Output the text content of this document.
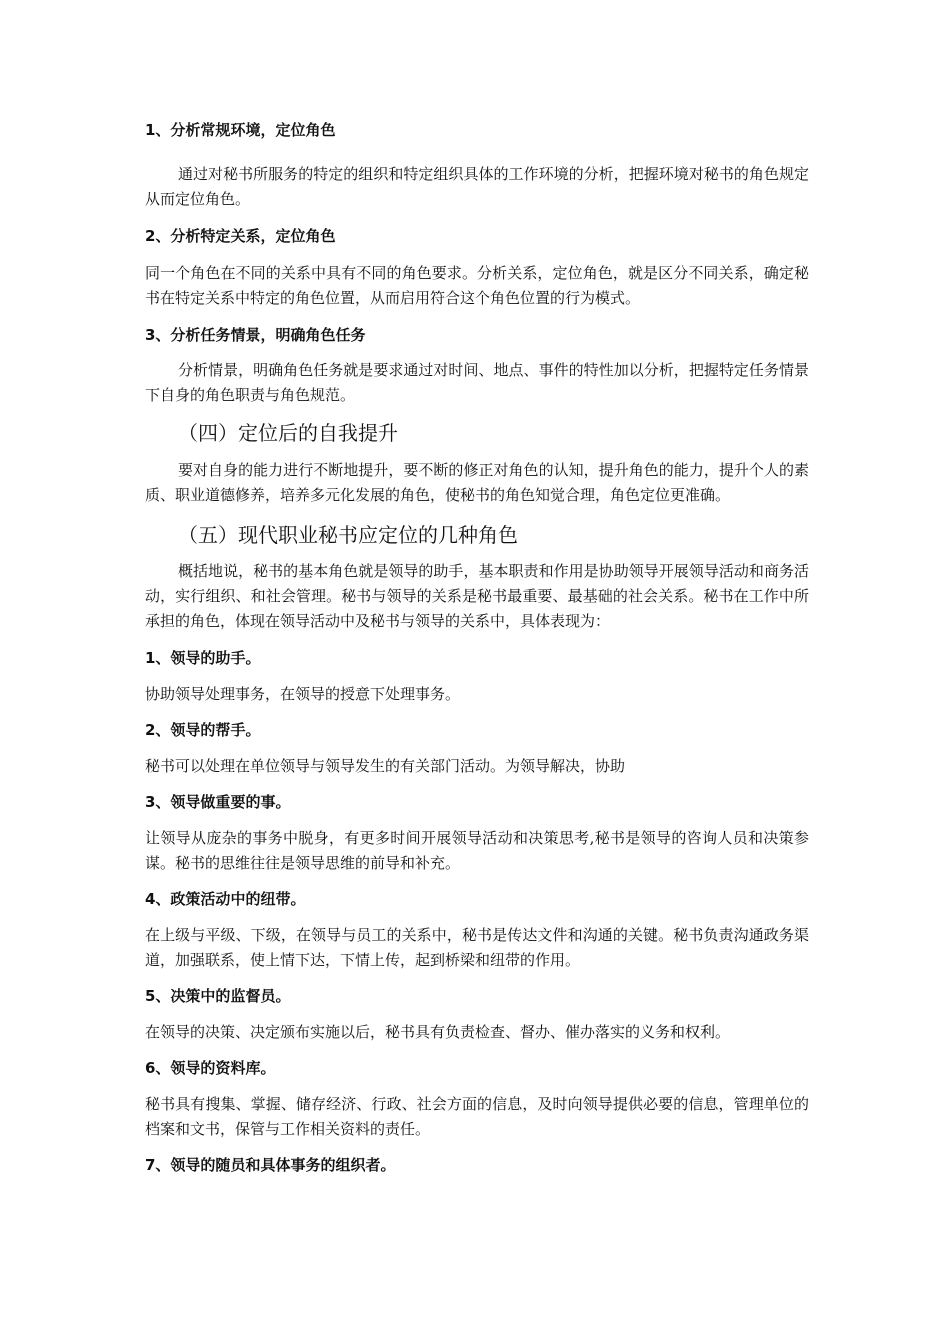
1、分析常规环境，定位角色
通过对秘书所服务的特定的组织和特定组织具体的工作环境的分析，把握环境对秘书的角色规定从而定位角色。
2、分析特定关系，定位角色
同一个角色在不同的关系中具有不同的角色要求。分析关系，定位角色，就是区分不同关系，确定秘书在特定关系中特定的角色位置，从而启用符合这个角色位置的行为模式。
3、分析任务情景，明确角色任务
分析情景，明确角色任务就是要求通过对时间、地点、事件的特性加以分析，把握特定任务情景下自身的角色职责与角色规范。
（四）定位后的自我提升
要对自身的能力进行不断地提升，要不断的修正对角色的认知，提升角色的能力，提升个人的素质、职业道德修养，培养多元化发展的角色，使秘书的角色知觉合理，角色定位更准确。
（五）现代职业秘书应定位的几种角色
概括地说，秘书的基本角色就是领导的助手，基本职责和作用是协助领导开展领导活动和商务活动，实行组织、和社会管理。秘书与领导的关系是秘书最重要、最基础的社会关系。秘书在工作中所承担的角色，体现在领导活动中及秘书与领导的关系中，具体表现为：
1、领导的助手。
协助领导处理事务，在领导的授意下处理事务。
2、领导的帮手。
秘书可以处理在单位领导与领导发生的有关部门活动。为领导解决，协助
3、领导做重要的事。
让领导从庞杂的事务中脱身，有更多时间开展领导活动和决策思考,秘书是领导的咨询人员和决策参谋。秘书的思维往往是领导思维的前导和补充。
4、政策活动中的纽带。
在上级与平级、下级，在领导与员工的关系中，秘书是传达文件和沟通的关键。秘书负责沟通政务渠道，加强联系，使上情下达，下情上传，起到桥梁和纽带的作用。
5、决策中的监督员。
在领导的决策、决定颁布实施以后，秘书具有负责检查、督办、催办落实的义务和权利。
6、领导的资料库。
秘书具有搜集、掌握、储存经济、行政、社会方面的信息，及时向领导提供必要的信息，管理单位的档案和文书，保管与工作相关资料的责任。
7、领导的随员和具体事务的组织者。
